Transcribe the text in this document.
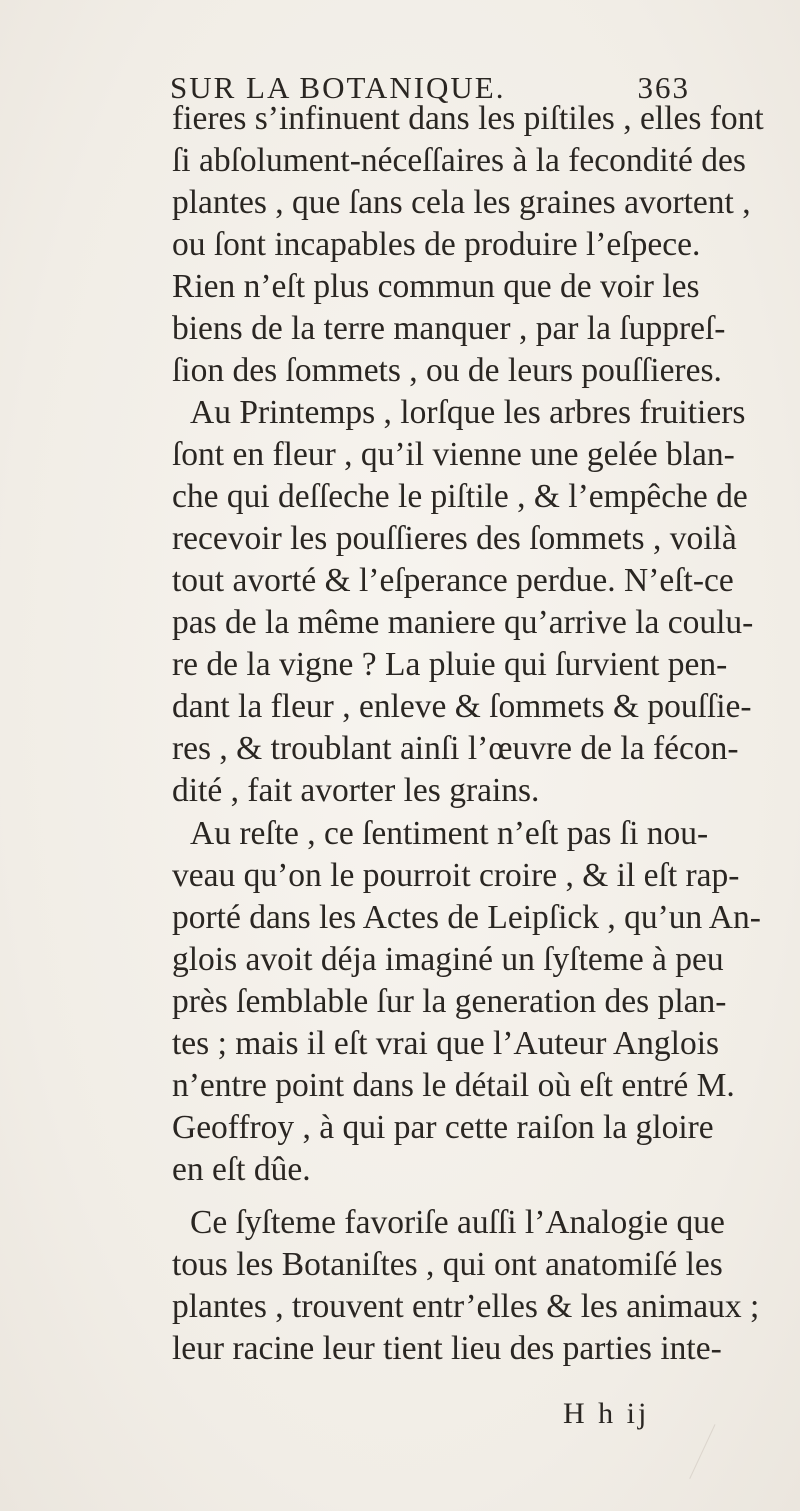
SUR LA BOTANIQUE.	363
fieres s’infinuent dans les piſtiles , elles font
ſi abſolument-néceſſaires à la fecondité des
plantes , que ſans cela les graines avortent ,
ou ſont incapables de produire l’eſpece.
Rien n’eſt plus commun que de voir les
biens de la terre manquer , par la ſuppreſ-
ſion des ſommets , ou de leurs pouſſieres.
Au Printemps , lorſque les arbres fruitiers
ſont en fleur , qu’il vienne une gelée blan-
che qui deſſeche le piſtile , & l’empêche de
recevoir les pouſſieres des ſommets , voilà
tout avorté & l’eſperance perdue. N’eſt-ce
pas de la même maniere qu’arrive la coulu-
re de la vigne ? La pluie qui ſurvient pen-
dant la fleur , enleve & ſommets & pouſſie-
res , & troublant ainſi l’œuvre de la fécon-
dité , fait avorter les grains.
Au reſte , ce ſentiment n’eſt pas ſi nou-
veau qu’on le pourroit croire , & il eſt rap-
porté dans les Actes de Leipſick , qu’un An-
glois avoit déja imaginé un ſyſteme à peu
près ſemblable ſur la generation des plan-
tes ; mais il eſt vrai que l’Auteur Anglois
n’entre point dans le détail où eſt entré M.
Geoffroy , à qui par cette raiſon la gloire
en eſt dûe.
Ce ſyſteme favoriſe auſſi l’Analogie que
tous les Botaniſtes , qui ont anatomiſé les
plantes , trouvent entr’elles & les animaux ;
leur racine leur tient lieu des parties inte-
H h ij
